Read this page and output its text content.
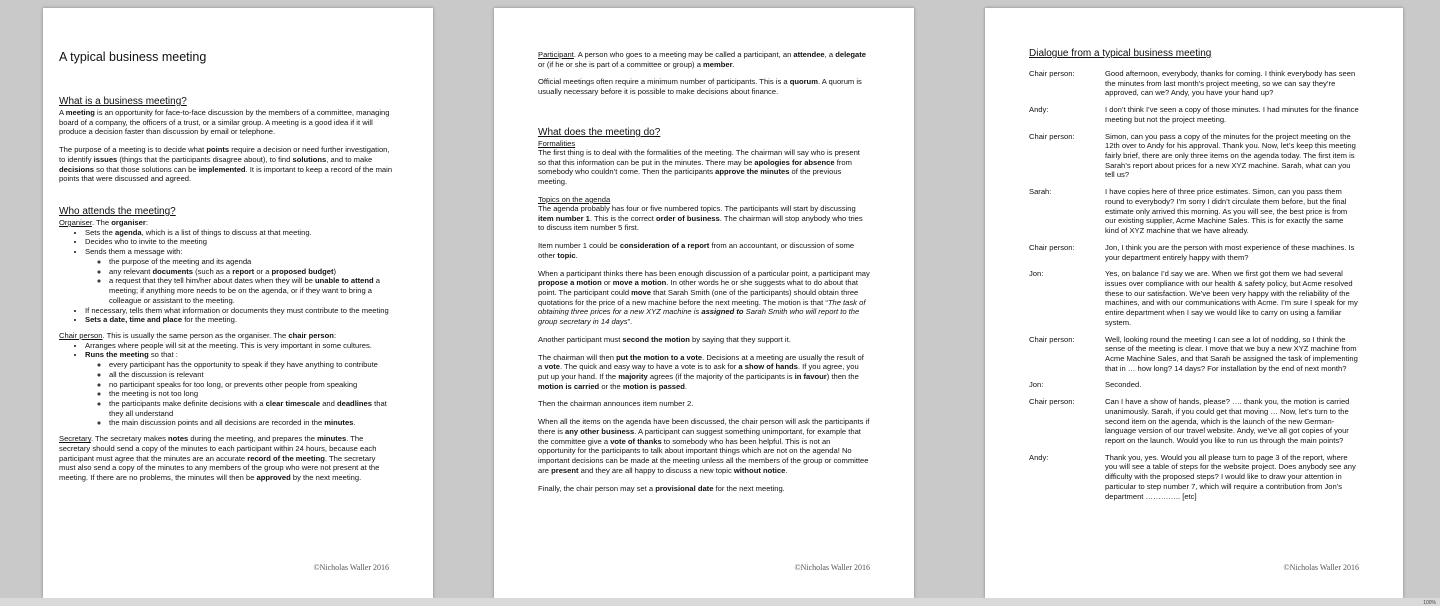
A typical business meeting
What is a business meeting?

A meeting is an opportunity for face-to-face discussion by the members of a committee, managing board of a company, the officers of a trust, or a similar group. A meeting is a good idea if it will produce a decision faster than discussion by email or telephone.

The purpose of a meeting is to decide what points require a decision or need further investigation, to identify issues (things that the participants disagree about), to find solutions, and to make decisions so that those solutions can be implemented. It is important to keep a record of the main points that were discussed and agreed.

Who attends the meeting?
Organiser. The organiser:
• Sets the agenda, which is a list of things to discuss at that meeting.
• Decides who to invite to the meeting
• Sends them a message with:
◦ the purpose of the meeting and its agenda
◦ any relevant documents (such as a report or a proposed budget)
◦ a request that they tell him/her about dates when they will be unable to attend a meeting; if anything more needs to be on the agenda, or if they want to bring a colleague or assistant to the meeting.
• If necessary, tells them what information or documents they must contribute to the meeting
• Sets a date, time and place for the meeting.
Chair person. This is usually the same person as the organiser. The chair person:
• Arranges where people will sit at the meeting. This is very important in some cultures.
• Runs the meeting so that :
◦ every participant has the opportunity to speak if they have anything to contribute
◦ all the discussion is relevant
◦ no participant speaks for too long, or prevents other people from speaking
◦ the meeting is not too long
◦ the participants make definite decisions with a clear timescale and deadlines that they all understand
◦ the main discussion points and all decisions are recorded in the minutes.

Secretary. The secretary makes notes during the meeting, and prepares the minutes. The secretary should send a copy of the minutes to each participant within 24 hours, because each participant must agree that the minutes are an accurate record of the meeting. The secretary must also send a copy of the minutes to any members of the group who were not present at the meeting. If there are no problems, the minutes will then be approved by the next meeting.

©Nicholas Waller 2016

Participant. A person who goes to a meeting may be called a participant, an attendee, a delegate or (if he or she is part of a committee or group) a member.

Official meetings often require a minimum number of participants. This is a quorum. A quorum is usually necessary before it is possible to make decisions about finance.

What does the meeting do?
Formalities

The first thing is to deal with the formalities of the meeting. The chairman will say who is present so that this information can be put in the minutes. There may be apologies for absence from somebody who couldn’t come. Then the participants approve the minutes of the previous meeting.

Topics on the agenda

The agenda probably has four or five numbered topics. The participants will start by discussing item number 1. This is the correct order of business. The chairman will stop anybody who tries to discuss item number 5 first.

Item number 1 could be consideration of a report from an accountant, or discussion of some other topic.

When a participant thinks there has been enough discussion of a particular point, a participant may propose a motion or move a motion. In other words he or she suggests what to do about that point. The participant could move that Sarah Smith (one of the participants) should obtain three quotations for the price of a new machine before the next meeting. The motion is that “The task of obtaining three prices for a new XYZ machine is assigned to Sarah Smith who will report to the group secretary in 14 days”.

Another participant must second the motion by saying that they support it.

The chairman will then put the motion to a vote. Decisions at a meeting are usually the result of a vote. The quick and easy way to have a vote is to ask for a show of hands. If you agree, you put up your hand. If the majority agrees (if the majority of the participants is in favour) then the motion is carried or the motion is passed.

Then the chairman announces item number 2.

When all the items on the agenda have been discussed, the chair person will ask the participants if there is any other business. A participant can suggest something unimportant, for example that the committee give a vote of thanks to somebody who has been helpful. This is not an opportunity for the participants to talk about important things which are not on the agenda! No important decisions can be made at the meeting unless all the members of the group or committee are present and they are all happy to discuss a new topic without notice.

Finally, the chair person may set a provisional date for the next meeting.

©Nicholas Waller 2016
Dialogue from a typical business meeting
Chair person:	Good afternoon, everybody, thanks for coming. I think everybody has seen the minutes from last month’s project meeting, so we can say they’re approved, can we? Andy, you have your hand up?
Andy:	I don’t think I’ve seen a copy of those minutes. I had minutes for the finance meeting but not the project meeting.
Chair person:	Simon, can you pass a copy of the minutes for the project meeting on the 12th over to Andy for his approval. Thank you. Now, let’s keep this meeting fairly brief, there are only three items on the agenda today. The first item is Sarah’s report about prices for a new XYZ machine. Sarah, what can you tell us?
Sarah:	I have copies here of three price estimates. Simon, can you pass them round to everybody? I’m sorry I didn’t circulate them before, but the final estimate only arrived this morning. As you will see, the best price is from our existing supplier, Acme Machine Sales. This is for exactly the same kind of XYZ machine that we have already.
Chair person:	Jon, I think you are the person with most experience of these machines. Is your department entirely happy with them?
Jon:	Yes, on balance I’d say we are. When we first got them we had several issues over compliance with our health & safety policy, but Acme resolved these to our satisfaction. We’ve been very happy with the reliability of the machines, and with our communications with Acme. I’m sure I speak for my entire department when I say we would like to carry on using a familiar system.
Chair person:	Well, looking round the meeting I can see a lot of nodding, so I think the sense of the meeting is clear. I move that we buy a new XYZ machine from Acme Machine Sales, and that Sarah be assigned the task of implementing that in … how long? 14 days? For installation by the end of next month?
Jon:	Seconded.
Chair person:	Can I have a show of hands, please? …. thank you, the motion is carried unanimously. Sarah, if you could get that moving … Now, let’s turn to the second item on the agenda, which is the launch of the new German-language version of our travel website. Andy, we’ve all got copies of your report on the launch. Would you like to run us through the main points?
Andy:	Thank you, yes. Would you all please turn to page 3 of the report, where you will see a table of steps for the website project. Does anybody see any difficulty with the proposed steps? I would like to draw your attention in particular to step number 7, which will require a contribution from Jon’s department ………….. [etc]
©Nicholas Waller 2016
100%
